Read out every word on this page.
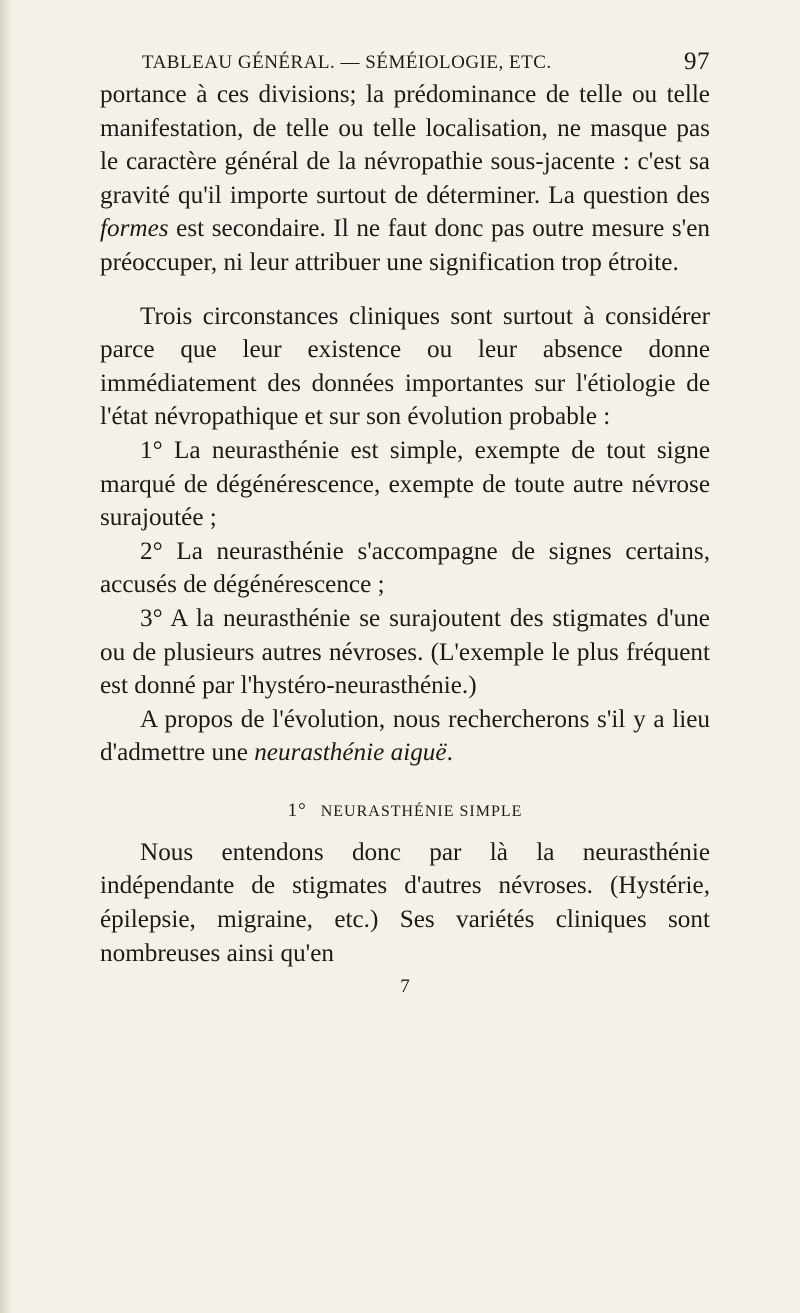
TABLEAU GÉNÉRAL. — SÉMÉIOLOGIE, ETC.	97

portance à ces divisions; la prédominance de telle ou telle manifestation, de telle ou telle localisation, ne masque pas le caractère général de la névropathie sous-jacente : c'est sa gravité qu'il importe surtout de déterminer. La question des formes est secondaire. Il ne faut donc pas outre mesure s'en préoccuper, ni leur attribuer une signification trop étroite.

Trois circonstances cliniques sont surtout à considérer parce que leur existence ou leur absence donne immédiatement des données importantes sur l'étiologie de l'état névropathique et sur son évolution probable :

1° La neurasthénie est simple, exempte de tout signe marqué de dégénérescence, exempte de toute autre névrose surajoutée ;

2° La neurasthénie s'accompagne de signes certains, accusés de dégénérescence ;

3° A la neurasthénie se surajoutent des stigmates d'une ou de plusieurs autres névroses. (L'exemple le plus fréquent est donné par l'hystéro-neurasthénie.)

A propos de l'évolution, nous rechercherons s'il y a lieu d'admettre une neurasthénie aiguë.

1° NEURASTHÉNIE SIMPLE

Nous entendons donc par là la neurasthénie indépendante de stigmates d'autres névroses. (Hystérie, épilepsie, migraine, etc.) Ses variétés cliniques sont nombreuses ainsi qu'en

7
